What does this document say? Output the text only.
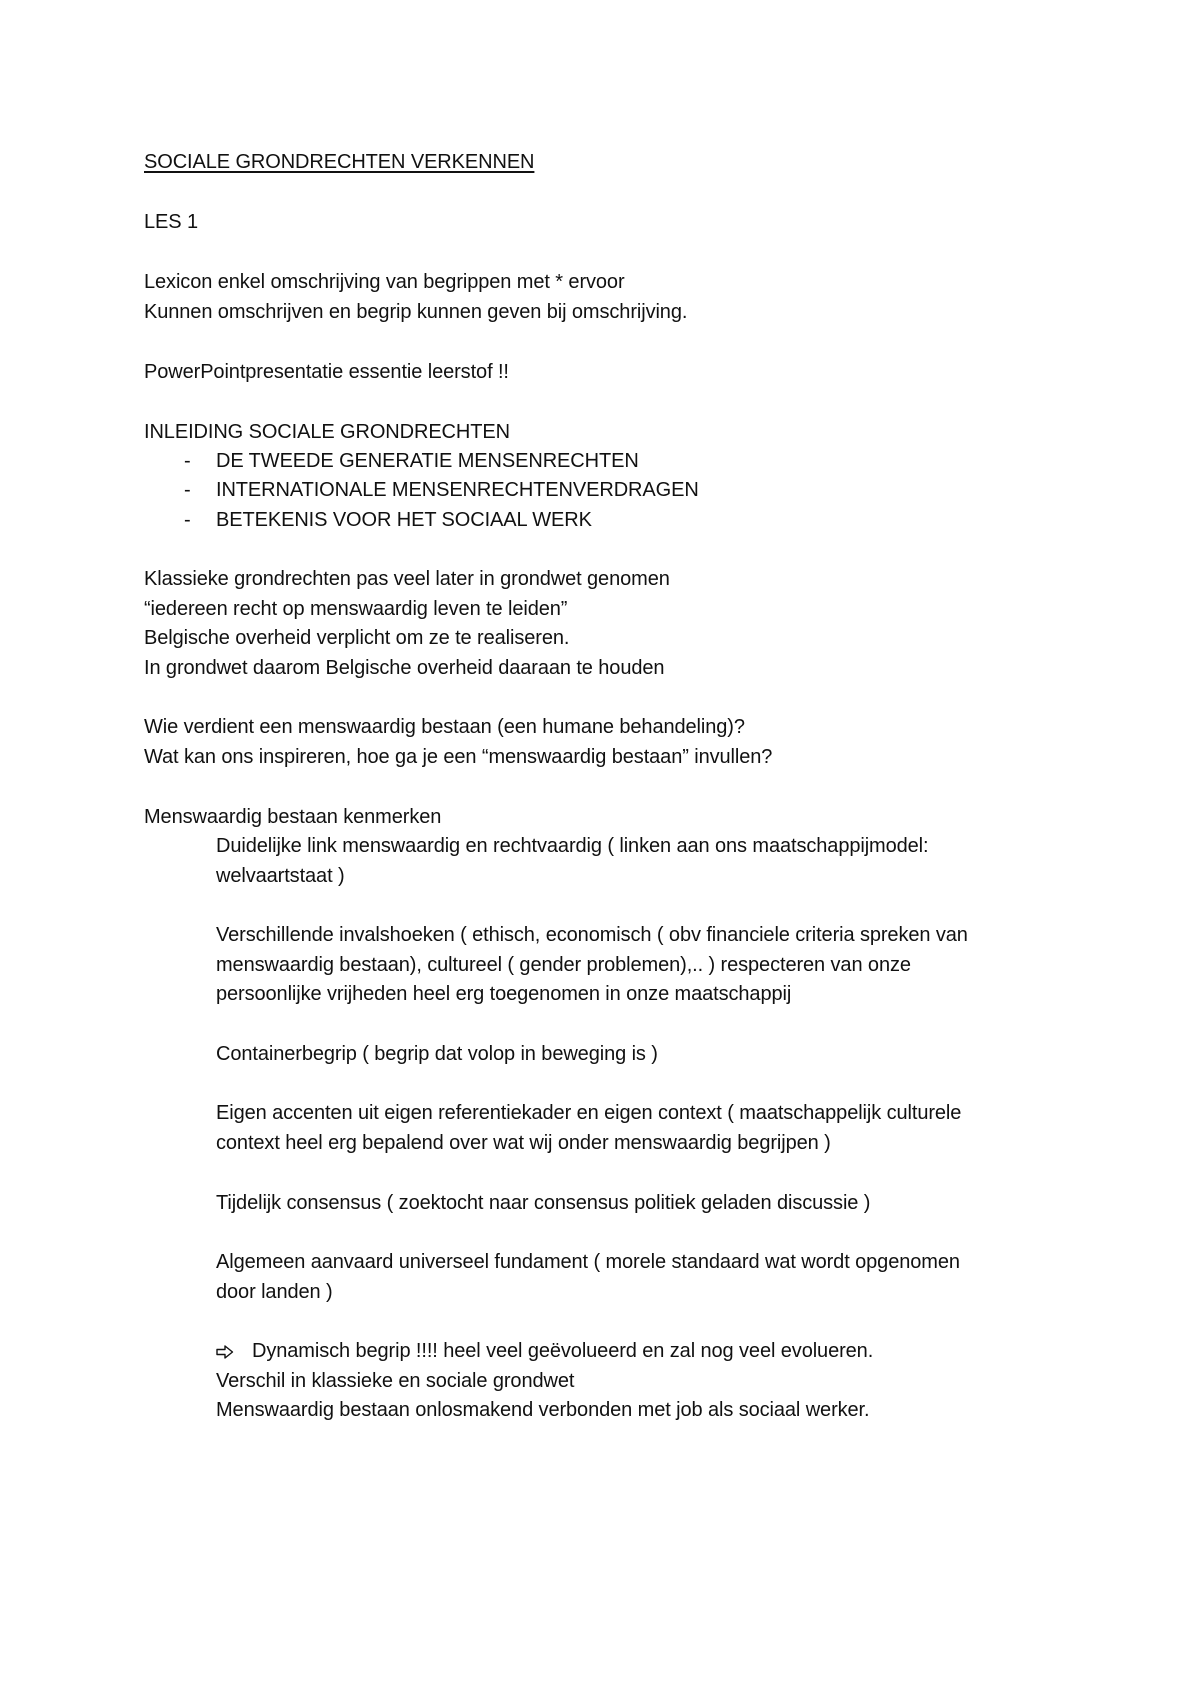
SOCIALE GRONDRECHTEN VERKENNEN
LES 1
Lexicon enkel omschrijving van begrippen met * ervoor
Kunnen omschrijven en begrip kunnen geven bij omschrijving.
PowerPointpresentatie essentie leerstof !!
INLEIDING SOCIALE GRONDRECHTEN
- DE TWEEDE GENERATIE MENSENRECHTEN
- INTERNATIONALE MENSENRECHTENVERDRAGEN
- BETEKENIS VOOR HET SOCIAAL WERK
Klassieke grondrechten pas veel later in grondwet genomen
“iedereen recht op menswaardig leven te leiden”
Belgische overheid verplicht om ze te realiseren.
In grondwet daarom Belgische overheid daaraan te houden
Wie verdient een menswaardig bestaan (een humane behandeling)?
Wat kan ons inspireren, hoe ga je een “menswaardig bestaan” invullen?
Menswaardig bestaan kenmerken
Duidelijke link menswaardig en rechtvaardig ( linken aan ons maatschappijmodel:
welvaartstaat )
Verschillende invalshoeken ( ethisch, economisch ( obv financiele criteria spreken van
menswaardig bestaan), cultureel ( gender problemen),.. ) respecteren van onze
persoonlijke vrijheden heel erg toegenomen in onze maatschappij
Containerbegrip ( begrip dat volop in beweging is )
Eigen accenten uit eigen referentiekader en eigen context ( maatschappelijk culturele
context heel erg bepalend over wat wij onder menswaardig begrijpen )
Tijdelijk consensus ( zoektocht naar consensus politiek geladen discussie )
Algemeen aanvaard universeel fundament ( morele standaard wat wordt opgenomen
door landen )
Dynamisch begrip !!!! heel veel geëvolueerd en zal nog veel evolueren.
Verschil in klassieke en sociale grondwet
Menswaardig bestaan onlosmakend verbonden met job als sociaal werker.
